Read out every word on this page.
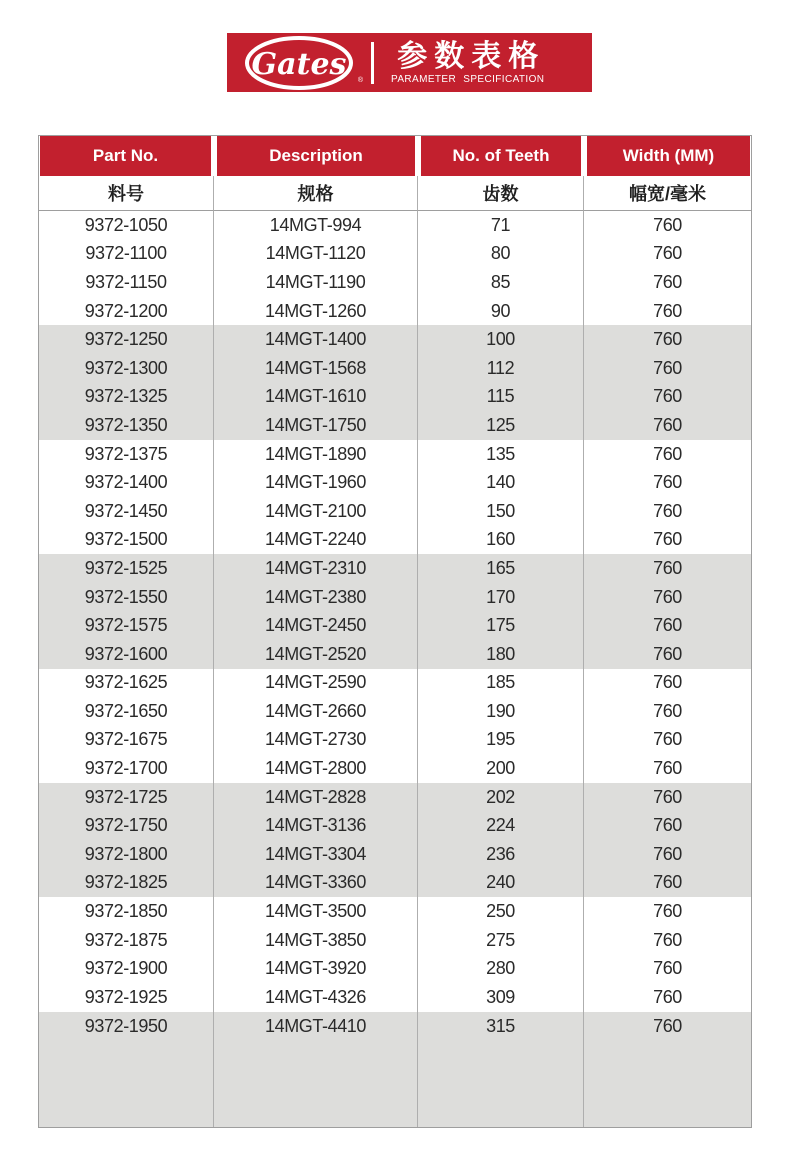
Gates ®
参数表格
PARAMETER SPECIFICATION
Part No.	Description	No. of Teeth	Width (MM)
料号	规格	齿数	幅宽/毫米
9372-1050	14MGT-994	71	760
9372-1100	14MGT-1120	80	760
9372-1150	14MGT-1190	85	760
9372-1200	14MGT-1260	90	760
9372-1250	14MGT-1400	100	760
9372-1300	14MGT-1568	112	760
9372-1325	14MGT-1610	115	760
9372-1350	14MGT-1750	125	760
9372-1375	14MGT-1890	135	760
9372-1400	14MGT-1960	140	760
9372-1450	14MGT-2100	150	760
9372-1500	14MGT-2240	160	760
9372-1525	14MGT-2310	165	760
9372-1550	14MGT-2380	170	760
9372-1575	14MGT-2450	175	760
9372-1600	14MGT-2520	180	760
9372-1625	14MGT-2590	185	760
9372-1650	14MGT-2660	190	760
9372-1675	14MGT-2730	195	760
9372-1700	14MGT-2800	200	760
9372-1725	14MGT-2828	202	760
9372-1750	14MGT-3136	224	760
9372-1800	14MGT-3304	236	760
9372-1825	14MGT-3360	240	760
9372-1850	14MGT-3500	250	760
9372-1875	14MGT-3850	275	760
9372-1900	14MGT-3920	280	760
9372-1925	14MGT-4326	309	760
9372-1950	14MGT-4410	315	760
